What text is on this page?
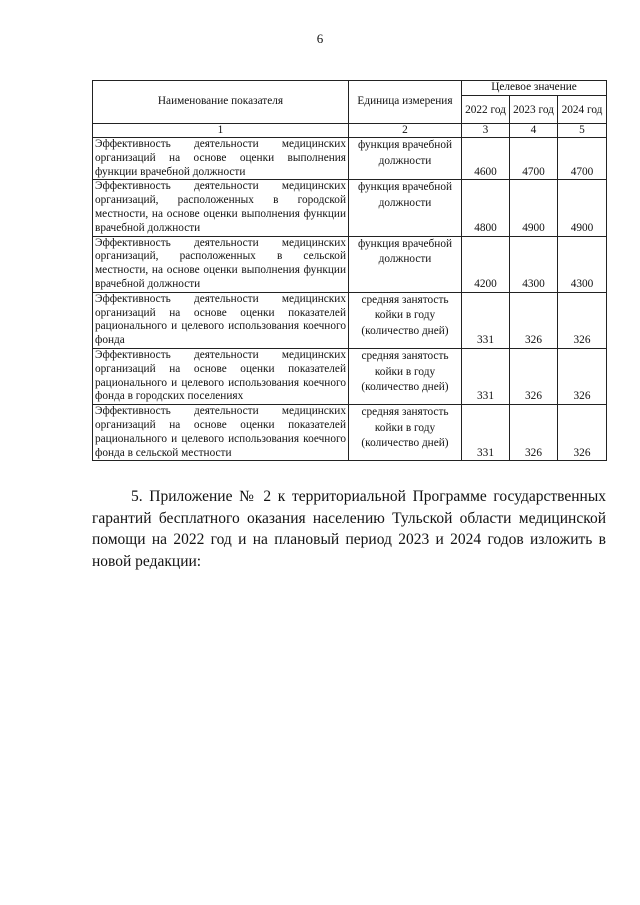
6
Наименование показателя	Единица измерения	Целевое значение		
		2022 год	2023 год	2024 год
1	2	3	4	5
Эффективность деятельности медицинских организаций на основе оценки выполнения функции врачебной должности	функция врачебной должности	4600	4700	4700
Эффективность деятельности медицинских организаций, расположенных в городской местности, на основе оценки выполнения функции врачебной должности	функция врачебной должности	4800	4900	4900
Эффективность деятельности медицинских организаций, расположенных в сельской местности, на основе оценки выполнения функции врачебной должности	функция врачебной должности	4200	4300	4300
Эффективность деятельности медицинских организаций на основе оценки показателей рационального и целевого использования коечного фонда	средняя занятость койки в году (количество дней)	331	326	326
Эффективность деятельности медицинских организаций на основе оценки показателей рационального и целевого использования коечного фонда в городских поселениях	средняя занятость койки в году (количество дней)	331	326	326
Эффективность деятельности медицинских организаций на основе оценки показателей рационального и целевого использования коечного фонда в сельской местности	средняя занятость койки в году (количество дней)	331	326	326

5. Приложение № 2 к территориальной Программе государственных гарантий бесплатного оказания населению Тульской области медицинской помощи на 2022 год и на плановый период 2023 и 2024 годов изложить в новой редакции:
